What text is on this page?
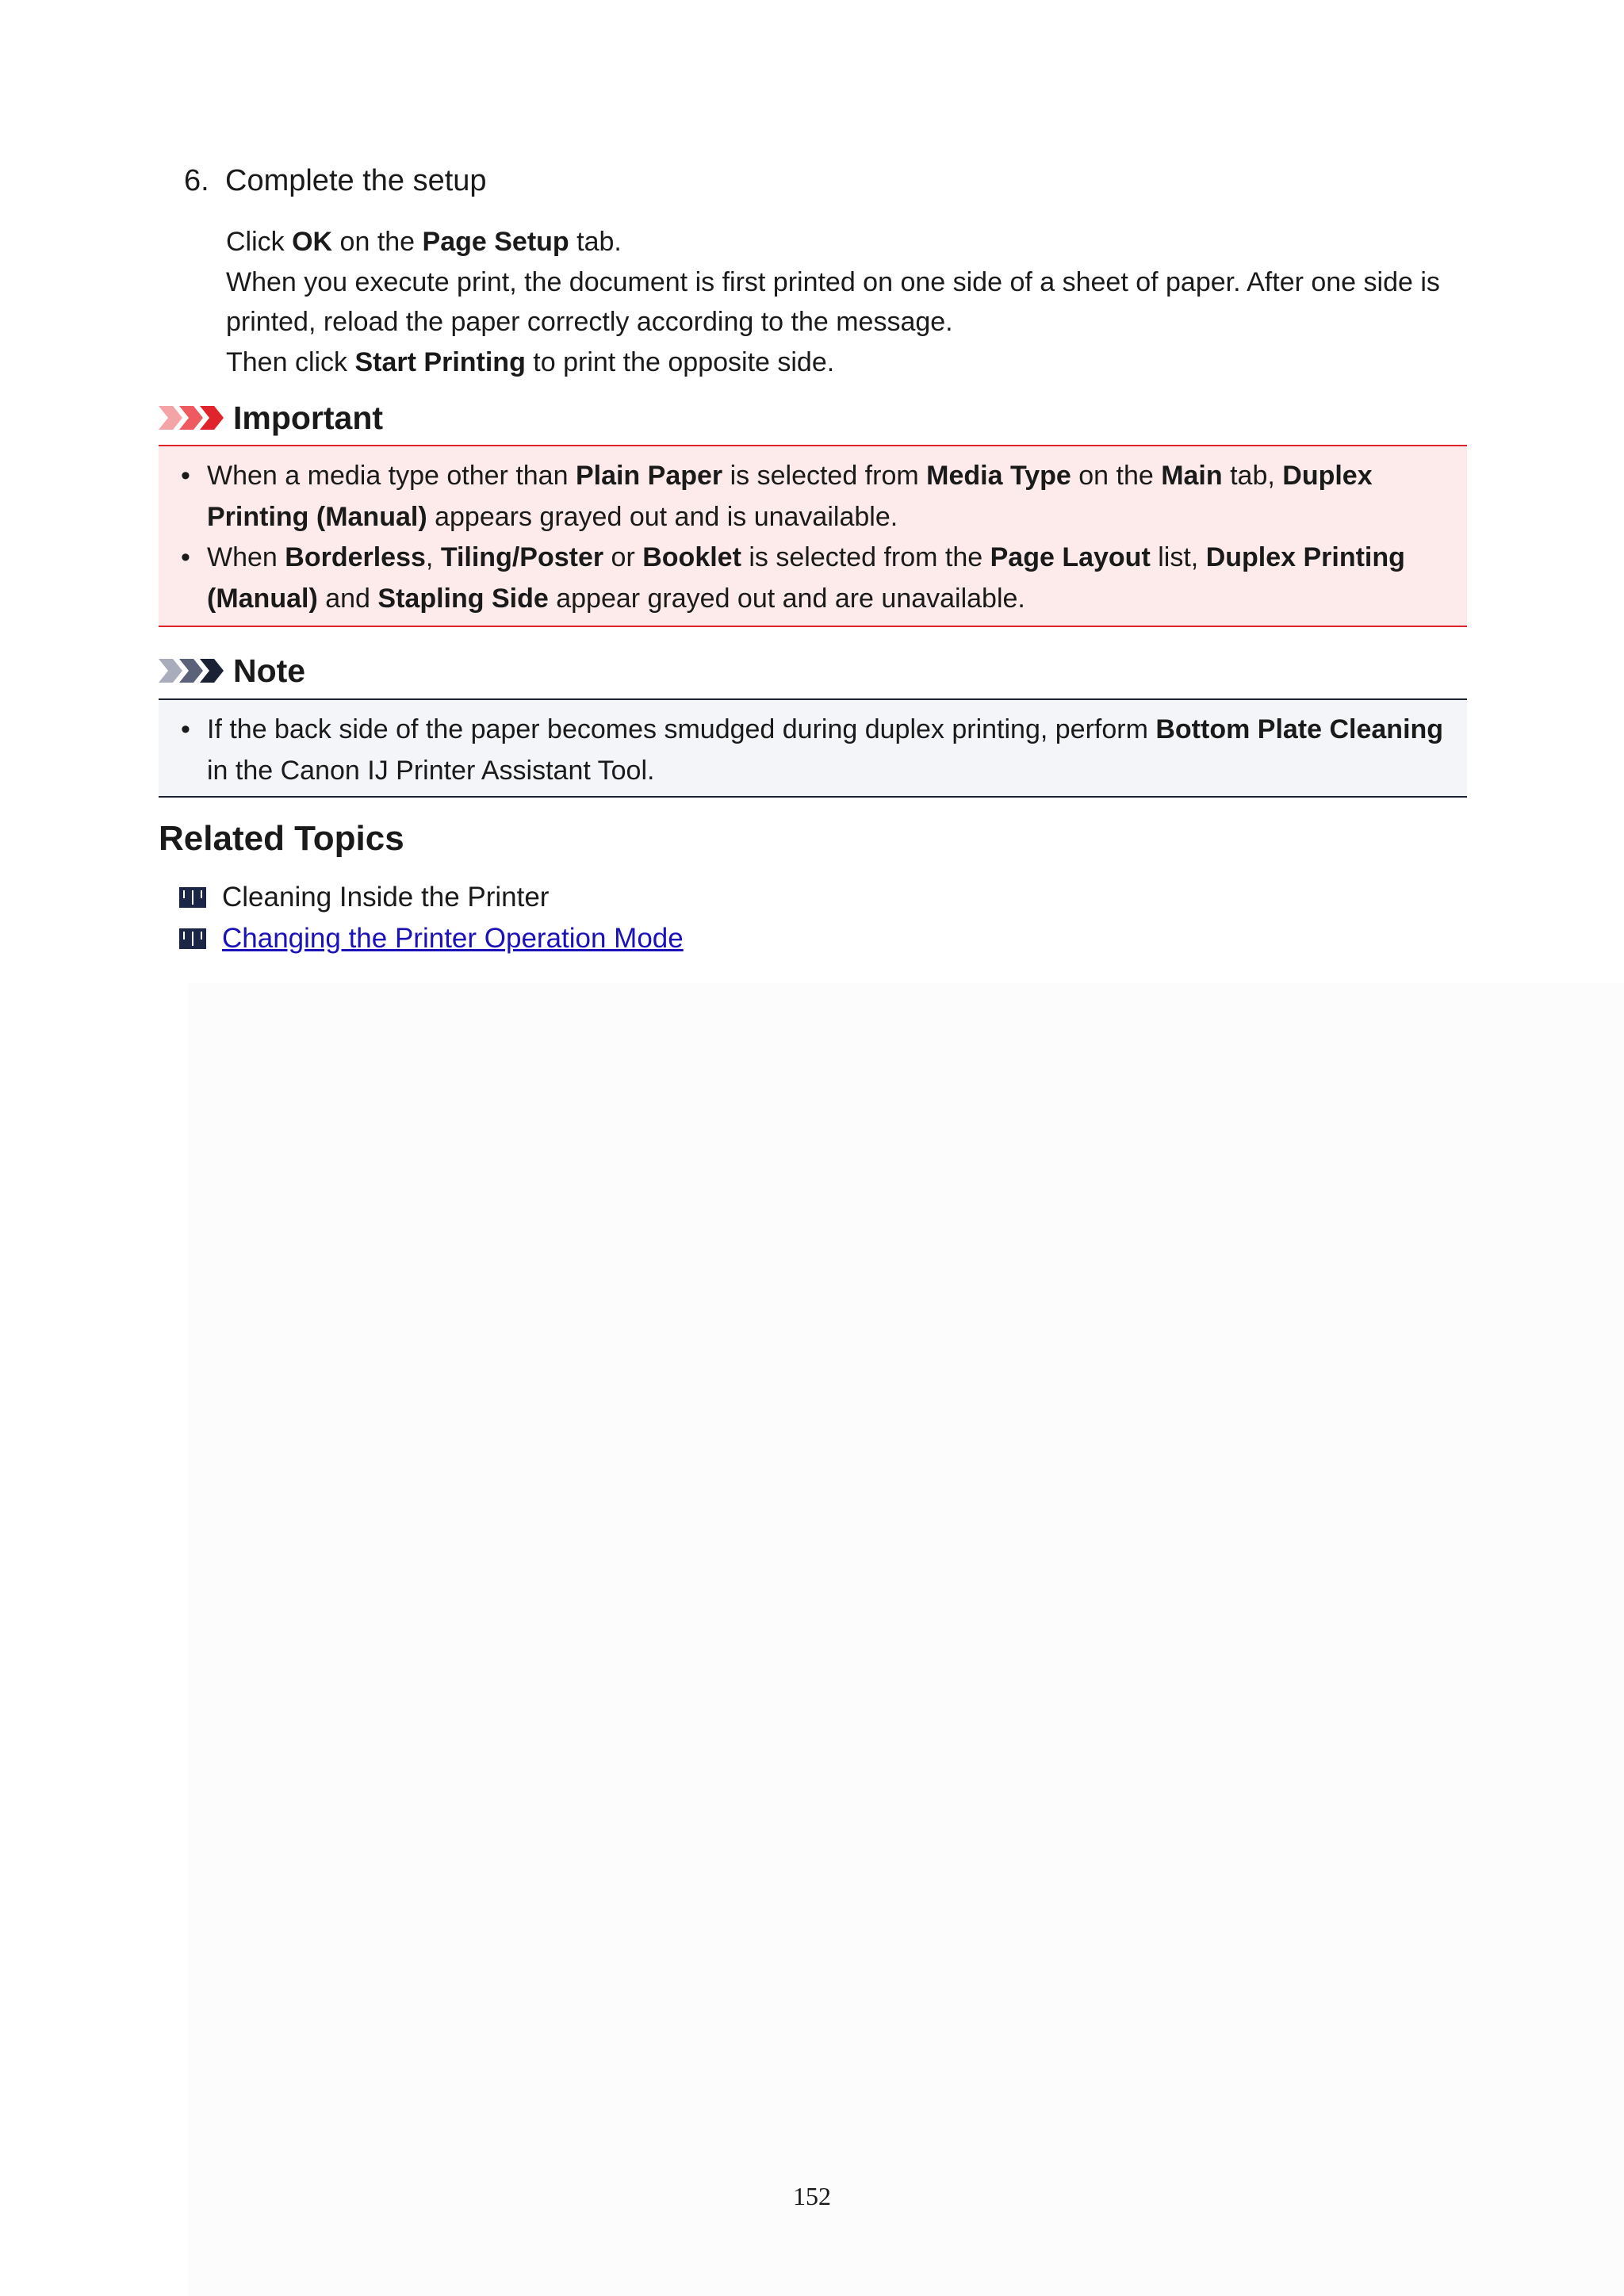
6. Complete the setup

Click OK on the Page Setup tab.

When you execute print, the document is first printed on one side of a sheet of paper. After one side is printed, reload the paper correctly according to the message.

Then click Start Printing to print the opposite side.

Important
• When a media type other than Plain Paper is selected from Media Type on the Main tab, Duplex Printing (Manual) appears grayed out and is unavailable.
• When Borderless, Tiling/Poster or Booklet is selected from the Page Layout list, Duplex Printing (Manual) and Stapling Side appear grayed out and are unavailable.
Note
• If the back side of the paper becomes smudged during duplex printing, perform Bottom Plate Cleaning in the Canon IJ Printer Assistant Tool.
Related Topics
Cleaning Inside the Printer
Changing the Printer Operation Mode
152
